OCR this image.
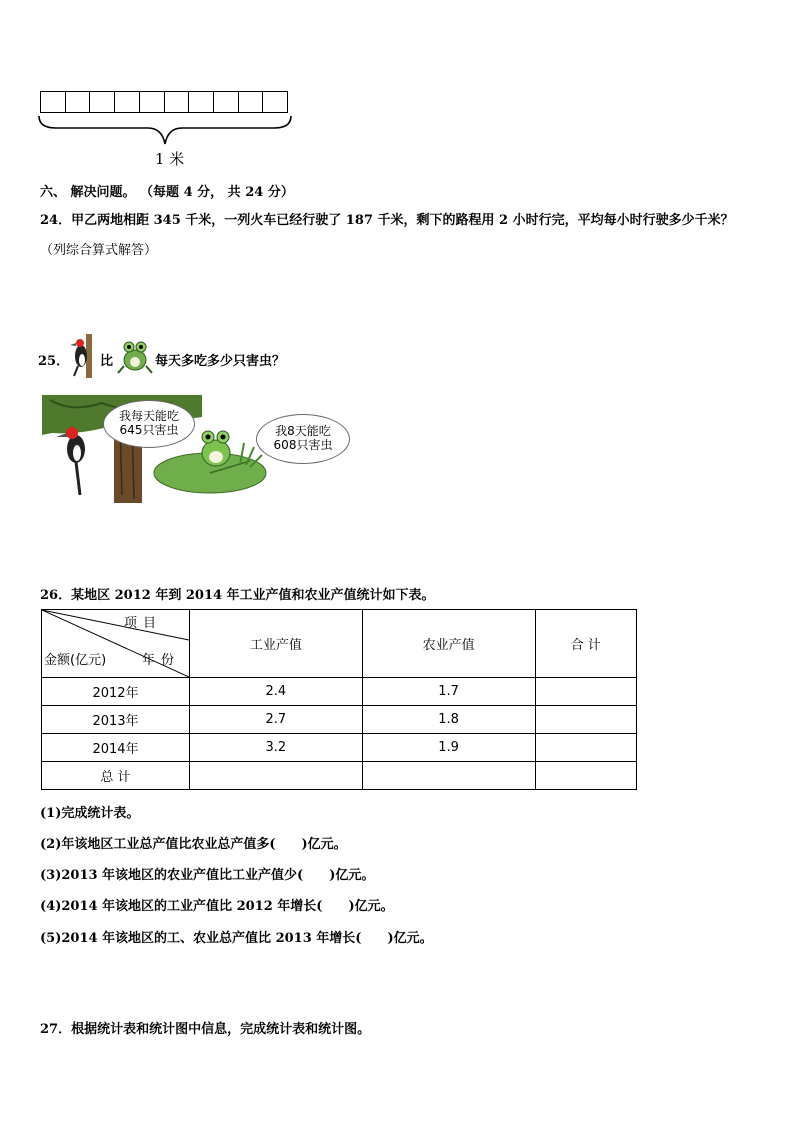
1 米
六、 解决问题。 （每题 4 分， 共 24 分）
24．甲乙两地相距 345 千米，一列火车已经行驶了 187 千米，剩下的路程用 2 小时行完，平均每小时行驶多少千米？
（列综合算式解答）
25． 比	每天多吃多少只害虫？
我每天能吃
645只害虫	我8天能吃
608只害虫
26．某地区 2012 年到 2014 年工业产值和农业产值统计如下表。
项目
年份
金额(亿元)	工业产值	农业产值	合 计
2012年	2.4	1.7	
2013年	2.7	1.8	
2014年	3.2	1.9	
总 计			
(1)完成统计表。
(2)年该地区工业总产值比农业总产值多(　　)亿元。
(3)2013 年该地区的农业产值比工业产值少(　　)亿元。
(4)2014 年该地区的工业产值比 2012 年增长(　　)亿元。
(5)2014 年该地区的工、农业总产值比 2013 年增长(　　)亿元。
27．根据统计表和统计图中信息，完成统计表和统计图。
